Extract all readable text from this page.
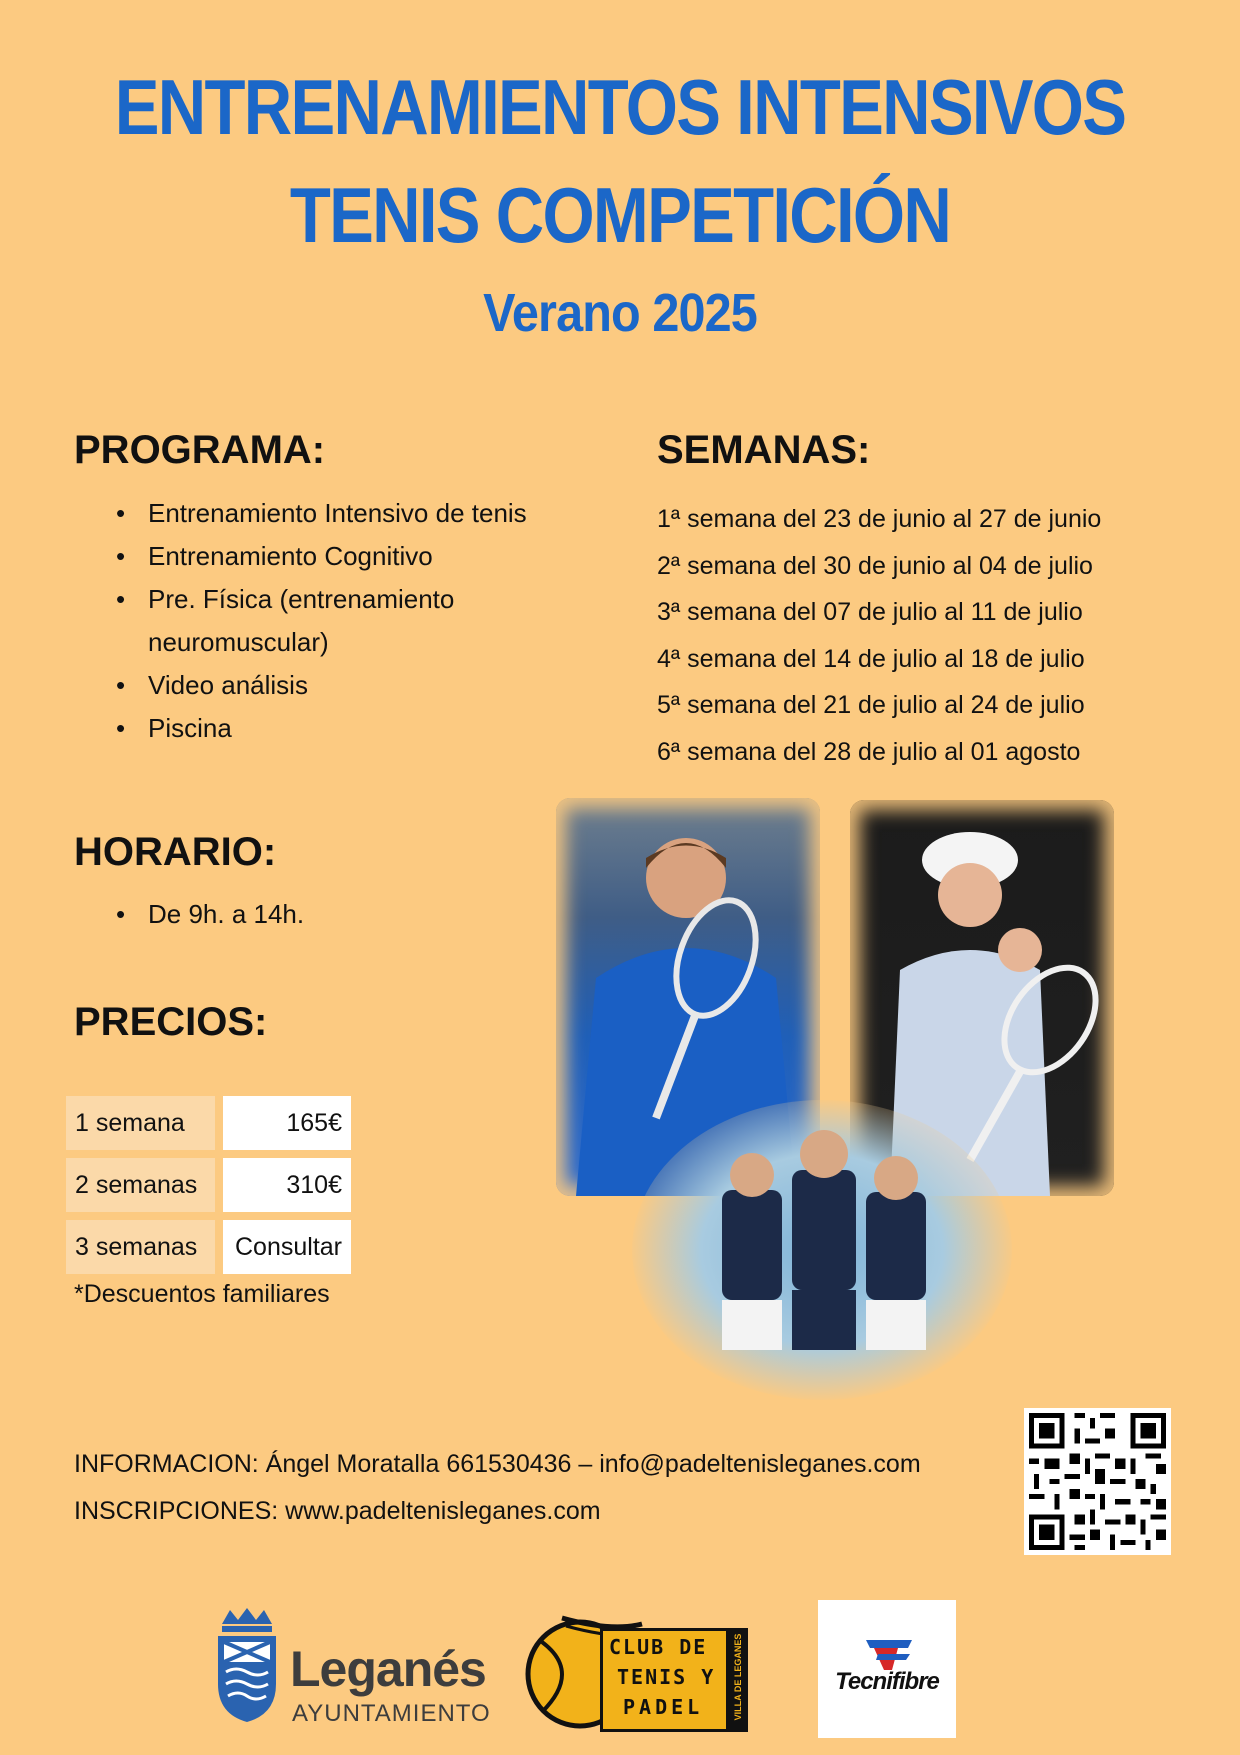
ENTRENAMIENTOS INTENSIVOS
TENIS COMPETICIÓN
Verano 2025
PROGRAMA:
• Entrenamiento Intensivo de tenis
• Entrenamiento Cognitivo
• Pre. Física (entrenamiento
neuromuscular)
• Video análisis
• Piscina
SEMANAS:
1ª semana del 23 de junio al 27 de junio
2ª semana del 30 de junio al 04 de julio
3ª semana del 07 de julio al 11 de julio
4ª semana del 14 de julio al 18 de julio
5ª semana del 21 de julio al 24 de julio
6ª semana del 28 de julio al 01 agosto
HORARIO:
• De 9h. a 14h.
PRECIOS:
1 semana	165€
2 semanas	310€
3 semanas	Consultar
*Descuentos familiares
INFORMACION: Ángel Moratalla 661530436 – info@padeltenisleganes.com
INSCRIPCIONES: www.padeltenisleganes.com
Leganés
AYUNTAMIENTO
CLUB DE
TENIS Y
PADEL	VILLA DE LEGANES	Tecnifibre
